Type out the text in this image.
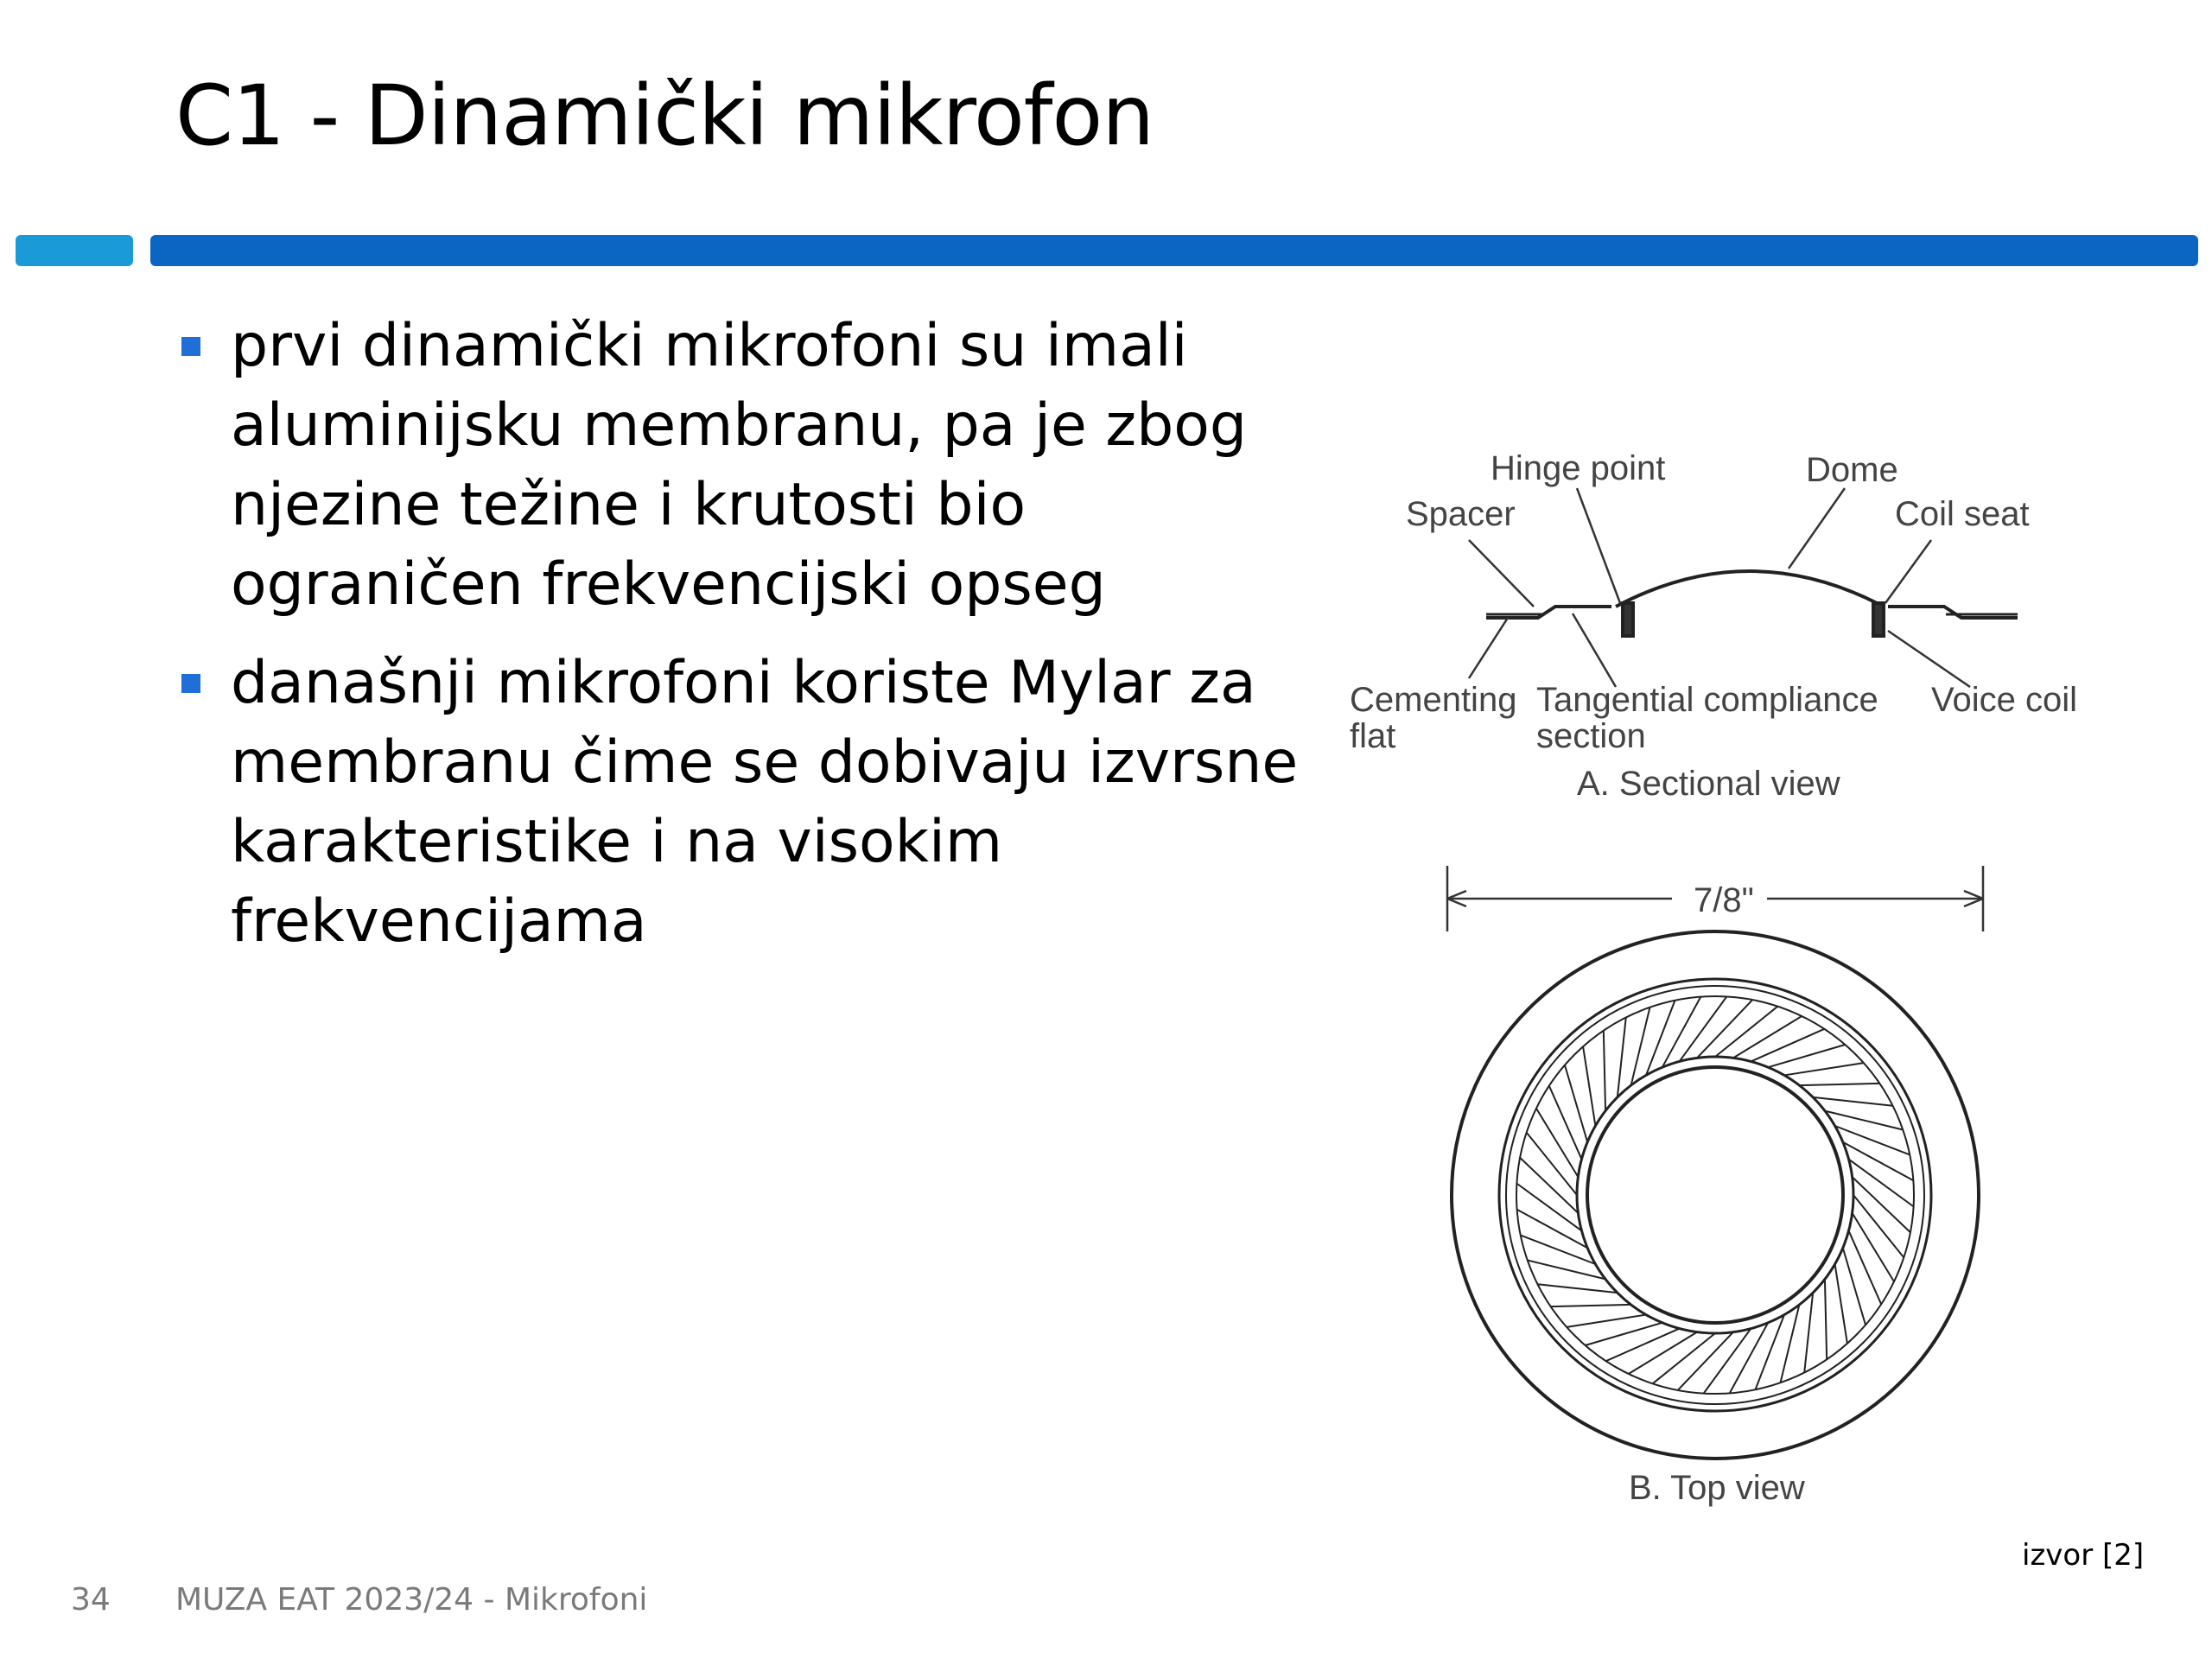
C1 - Dinamički mikrofon
prvi dinamički mikrofoni su imali aluminijsku membranu, pa je zbog njezine težine i krutosti bio ograničen frekvencijski opseg
današnji mikrofoni koriste Mylar za membranu čime se dobivaju izvrsne karakteristike i na visokim frekvencijama
Hinge point	Dome
Spacer	Coil seat
Cementing
flat
Tangential compliance
section
Voice coil
A. Sectional view
7/8"
B. Top view
izvor [2]
34 MUZA EAT 2023/24 - Mikrofoni
